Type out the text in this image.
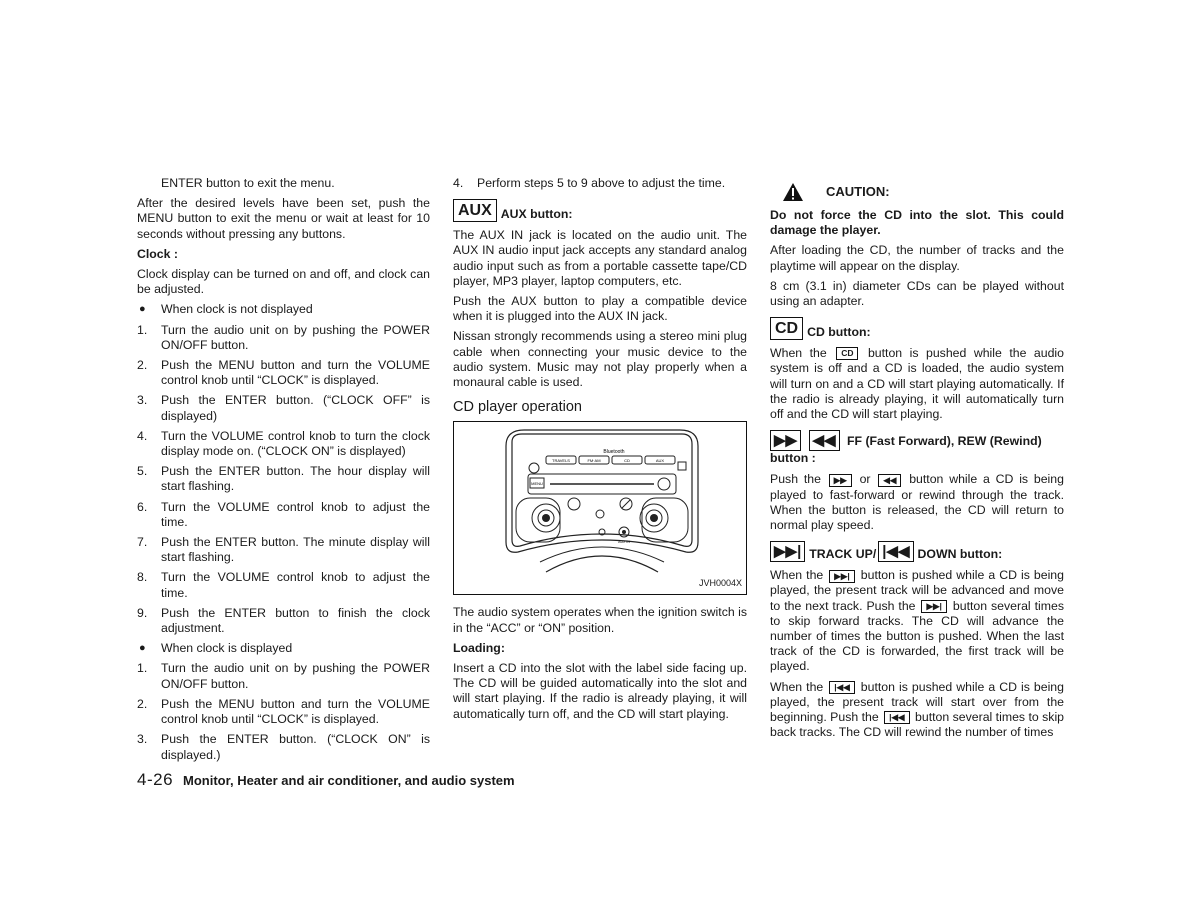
ENTER button to exit the menu.

After the desired levels have been set, push the MENU button to exit the menu or wait at least for 10 seconds without pressing any buttons.

Clock :

Clock display can be turned on and off, and clock can be adjusted.

● When clock is not displayed
1. Turn the audio unit on by pushing the POWER ON/OFF button.
2. Push the MENU button and turn the VOLUME control knob until “CLOCK” is displayed.
3. Push the ENTER button. (“CLOCK OFF” is displayed)
4. Turn the VOLUME control knob to turn the clock display mode on. (“CLOCK ON” is displayed)
5. Push the ENTER button. The hour display will start flashing.
6. Turn the VOLUME control knob to adjust the time.
7. Push the ENTER button. The minute display will start flashing.
8. Turn the VOLUME control knob to adjust the time.
9. Push the ENTER button to finish the clock adjustment.
● When clock is displayed
1. Turn the audio unit on by pushing the POWER ON/OFF button.
2. Push the MENU button and turn the VOLUME control knob until “CLOCK” is displayed.
3. Push the ENTER button. (“CLOCK ON” is displayed.)
4. Perform steps 5 to 9 above to adjust the time.
AUX AUX button:

The AUX IN jack is located on the audio unit. The AUX IN audio input jack accepts any standard analog audio input such as from a portable cassette tape/CD player, MP3 player, laptop computers, etc.

Push the AUX button to play a compatible device when it is plugged into the AUX IN jack.

Nissan strongly recommends using a stereo mini plug cable when connecting your music device to the audio system. Music may not play properly when a monaural cable is used.

CD player operation
TRAVELS	FM·AM	CD	AUX
Bluetooth
MENU
AUX IN
JVH0004X

The audio system operates when the ignition switch is in the “ACC” or “ON” position.

Loading:

Insert a CD into the slot with the label side facing up. The CD will be guided automatically into the slot and will start playing. If the radio is already playing, it will automatically turn off, and the CD will start playing.

CAUTION:

Do not force the CD into the slot. This could damage the player.

After loading the CD, the number of tracks and the playtime will appear on the display.

8 cm (3.1 in) diameter CDs can be played without using an adapter.

CD CD button:

When the CD button is pushed while the audio system is off and a CD is loaded, the audio system will turn on and a CD will start playing automatically. If the radio is already playing, it will automatically turn off and the CD will start playing.

▶▶ ◀◀ FF (Fast Forward), REW (Rewind) button :

Push the ▶▶ or ◀◀ button while a CD is being played to fast-forward or rewind through the track. When the button is released, the CD will return to normal play speed.

▶▶| TRACK UP/ |◀◀ DOWN button:

When the ▶▶| button is pushed while a CD is being played, the present track will be advanced and move to the next track. Push the ▶▶| button several times to skip forward tracks. The CD will advance the number of times the button is pushed. When the last track of the CD is forwarded, the first track will be played.

When the |◀◀ button is pushed while a CD is being played, the present track will start over from the beginning. Push the |◀◀ button several times to skip back tracks. The CD will rewind the number of times

4-26 Monitor, Heater and air conditioner, and audio system
